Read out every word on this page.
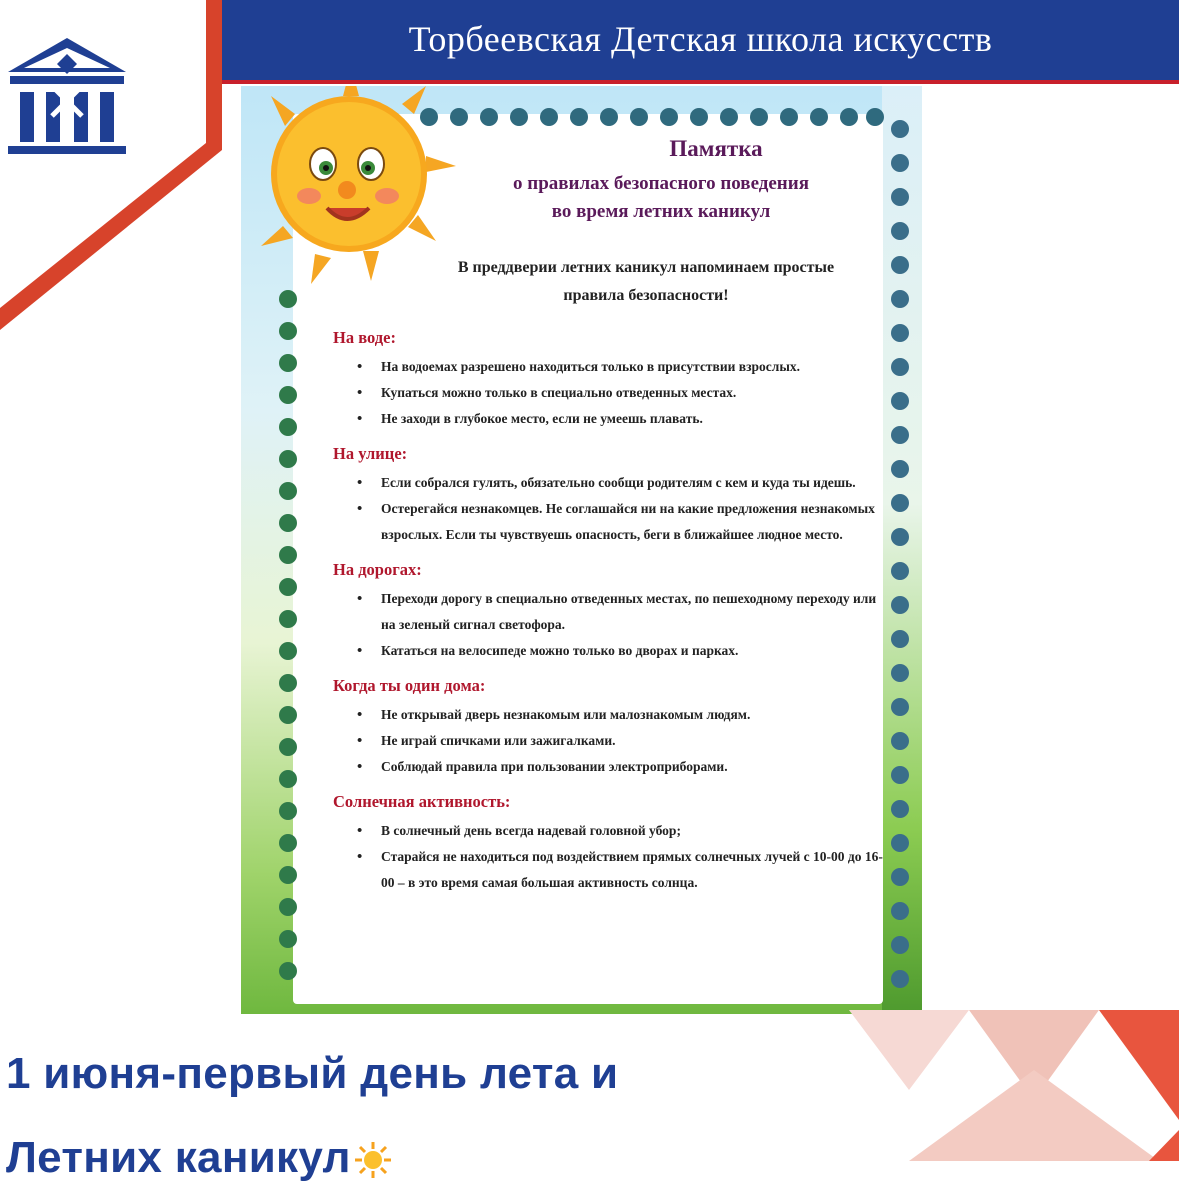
Торбеевская Детская школа искусств
Памятка
о правилах безопасного поведения
во время летних каникул
В преддверии летних каникул напоминаем простые
правила безопасности!
На воде:
• На водоемах разрешено находиться только в присутствии взрослых.
• Купаться можно только в специально отведенных местах.
• Не заходи в глубокое место, если не умеешь плавать.
На улице:
• Если собрался гулять, обязательно сообщи родителям с кем и куда ты идешь.
• Остерегайся незнакомцев. Не соглашайся ни на какие предложения незнакомых взрослых. Если ты чувствуешь опасность, беги в ближайшее людное место.
На дорогах:
• Переходи дорогу в специально отведенных местах, по пешеходному переходу или на зеленый сигнал светофора.
• Кататься на велосипеде можно только во дворах и парках.
Когда ты один дома:
• Не открывай дверь незнакомым или малознакомым людям.
• Не играй спичками или зажигалками.
• Соблюдай правила при пользовании электроприборами.
Солнечная активность:
• В солнечный день всегда надевай головной убор;
• Старайся не находиться под воздействием прямых солнечных лучей с 10-00 до 16-00 – в это время самая большая активность солнца.
1 июня-первый день лета и
Летних каникул
